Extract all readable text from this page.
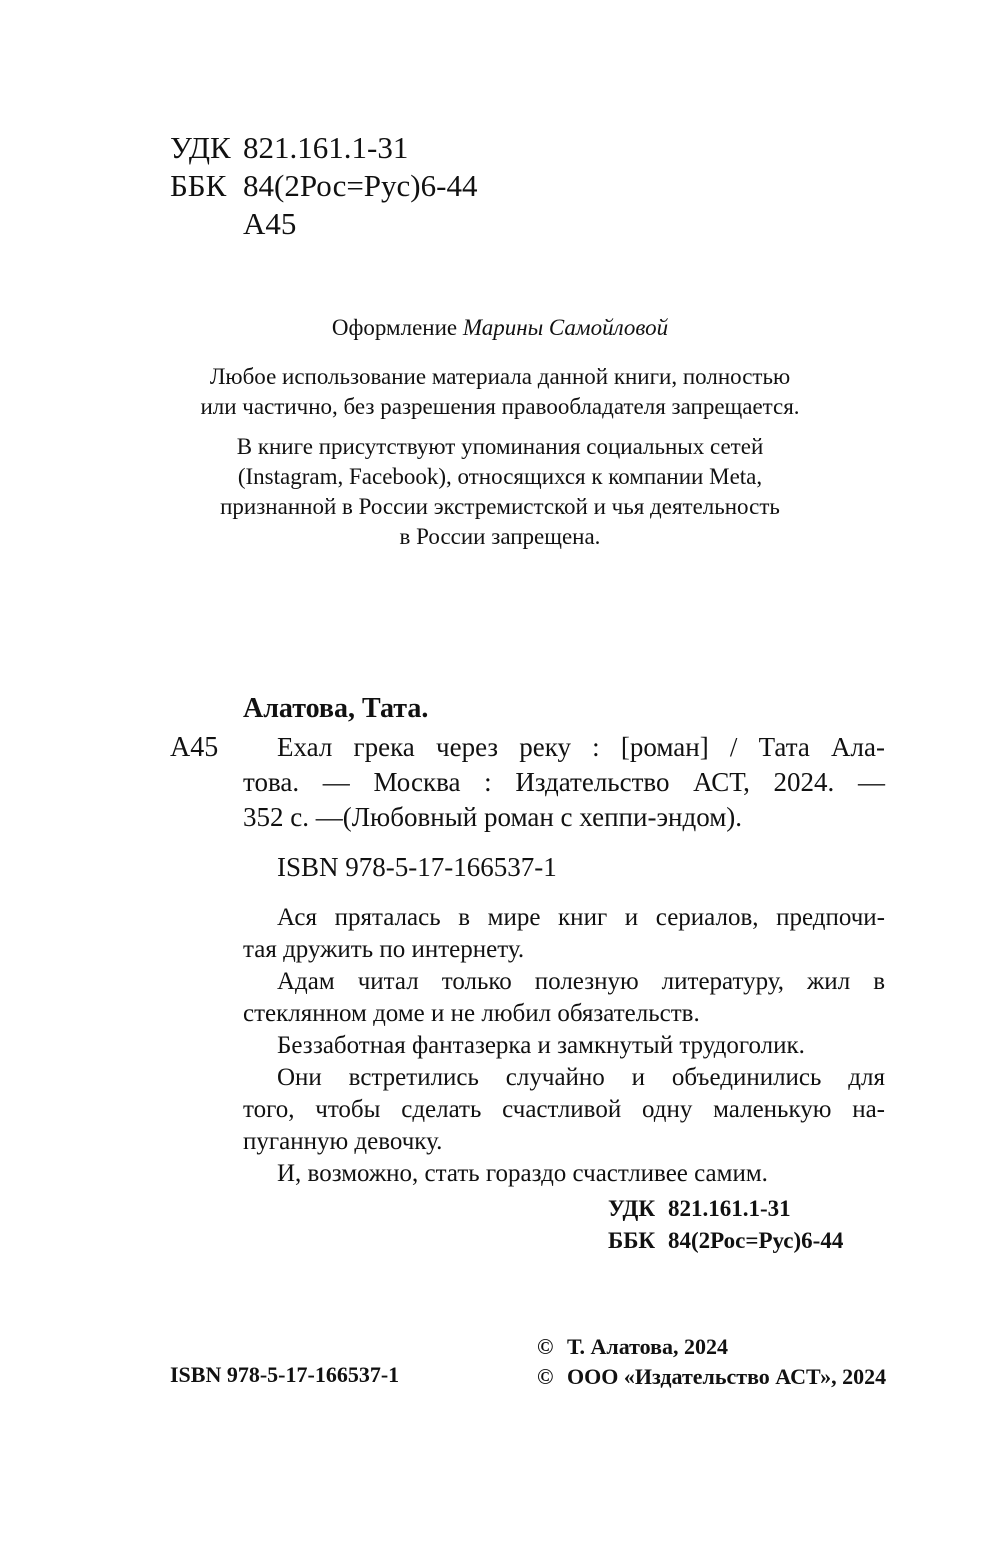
УДК 821.161.1-31
ББК 84(2Рос=Рус)6-44
А45

Оформление Марины Самойловой

Любое использование материала данной книги, полностью

или частично, без разрешения правообладателя запрещается.

В книге присутствуют упоминания социальных сетей

(Instagram, Facebook), относящихся к компании Meta,

признанной в России экстремистской и чья деятельность

в России запрещена.

Алатова, Тата.
А45	Ехал грека через реку : [роман] / Тата Ала-
това. — Москва : Издательство АСТ, 2024. —
352 с. —(Любовный роман с хеппи-эндом).
ISBN 978-5-17-166537-1
Ася пряталась в мире книг и сериалов, предпочи-
тая дружить по интернету.
Адам читал только полезную литературу, жил в
стеклянном доме и не любил обязательств.
Беззаботная фантазерка и замкнутый трудоголик.
Они встретились случайно и объединились для
того, чтобы сделать счастливой одну маленькую на-
пуганную девочку.
И, возможно, стать гораздо счастливее самим.
УДК 821.161.1-31
ББК 84(2Рос=Рус)6-44
ISBN 978-5-17-166537-1
© Т. Алатова, 2024
© ООО «Издательство АСТ», 2024
